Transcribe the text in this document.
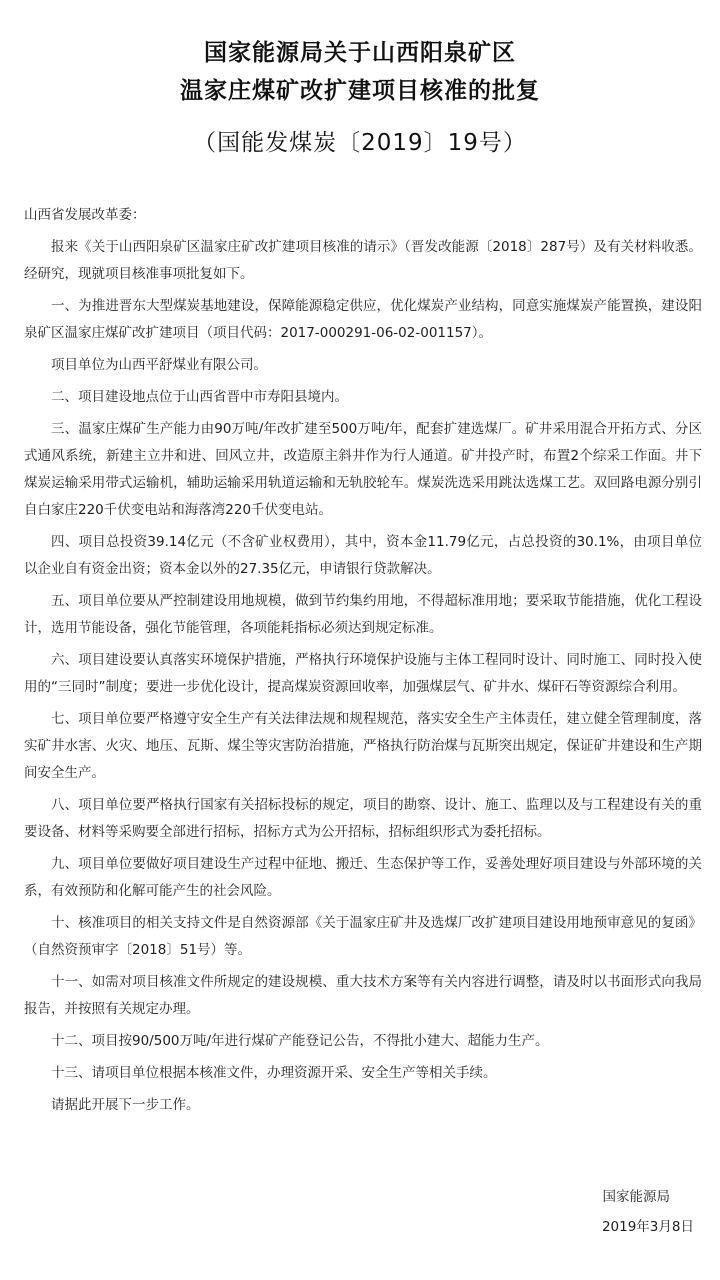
国家能源局关于山西阳泉矿区
温家庄煤矿改扩建项目核准的批复
（国能发煤炭〔2019〕19号）

山西省发展改革委：

报来《关于山西阳泉矿区温家庄矿改扩建项目核准的请示》（晋发改能源〔2018〕287号）及有关材料收悉。经研究，现就项目核准事项批复如下。

一、为推进晋东大型煤炭基地建设，保障能源稳定供应，优化煤炭产业结构，同意实施煤炭产能置换，建设阳泉矿区温家庄煤矿改扩建项目（项目代码：2017-000291-06-02-001157）。

项目单位为山西平舒煤业有限公司。

二、项目建设地点位于山西省晋中市寿阳县境内。

三、温家庄煤矿生产能力由90万吨/年改扩建至500万吨/年，配套扩建选煤厂。矿井采用混合开拓方式、分区式通风系统，新建主立井和进、回风立井，改造原主斜井作为行人通道。矿井投产时，布置2个综采工作面。井下煤炭运输采用带式运输机，辅助运输采用轨道运输和无轨胶轮车。煤炭洗选采用跳汰选煤工艺。双回路电源分别引自白家庄220千伏变电站和海落湾220千伏变电站。

四、项目总投资39.14亿元（不含矿业权费用），其中，资本金11.79亿元，占总投资的30.1%，由项目单位以企业自有资金出资；资本金以外的27.35亿元，申请银行贷款解决。

五、项目单位要从严控制建设用地规模，做到节约集约用地，不得超标准用地；要采取节能措施，优化工程设计，选用节能设备，强化节能管理，各项能耗指标必须达到规定标准。

六、项目建设要认真落实环境保护措施，严格执行环境保护设施与主体工程同时设计、同时施工、同时投入使用的“三同时”制度；要进一步优化设计，提高煤炭资源回收率，加强煤层气、矿井水、煤矸石等资源综合利用。

七、项目单位要严格遵守安全生产有关法律法规和规程规范，落实安全生产主体责任，建立健全管理制度，落实矿井水害、火灾、地压、瓦斯、煤尘等灾害防治措施，严格执行防治煤与瓦斯突出规定，保证矿井建设和生产期间安全生产。

八、项目单位要严格执行国家有关招标投标的规定，项目的勘察、设计、施工、监理以及与工程建设有关的重要设备、材料等采购要全部进行招标，招标方式为公开招标，招标组织形式为委托招标。

九、项目单位要做好项目建设生产过程中征地、搬迁、生态保护等工作，妥善处理好项目建设与外部环境的关系，有效预防和化解可能产生的社会风险。

十、核准项目的相关支持文件是自然资源部《关于温家庄矿井及选煤厂改扩建项目建设用地预审意见的复函》（自然资预审字〔2018〕51号）等。

十一、如需对项目核准文件所规定的建设规模、重大技术方案等有关内容进行调整，请及时以书面形式向我局报告，并按照有关规定办理。

十二、项目按90/500万吨/年进行煤矿产能登记公告，不得批小建大、超能力生产。

十三、请项目单位根据本核准文件，办理资源开采、安全生产等相关手续。

请据此开展下一步工作。

国家能源局
2019年3月8日
